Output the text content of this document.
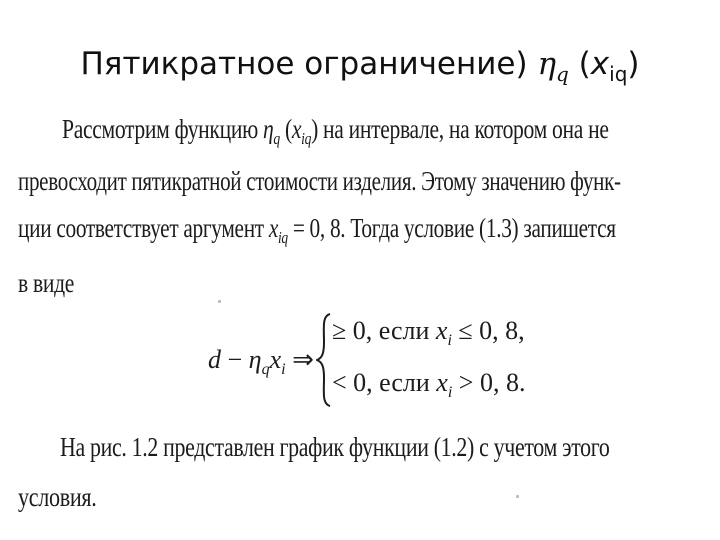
Пятикратное ограничение) $\eta_q$ $(x_{iq})$
Рассмотрим функцию $\eta_q$ $(x_{iq})$ на интервале, на котором она не
превосходит пятикратной стоимости изделия. Этому значению функ-
ции соответствует аргумент $x_{iq} = 0$, 8. Тогда условие (1.3) запишется
в виде
$d - \eta_qx_i$ ⇒
≥ 0, если $x_i \le 0$, 8,
< 0, если $x_i > 0$, 8.
На рис. 1.2 представлен график функции (1.2) с учетом этого
условия.
